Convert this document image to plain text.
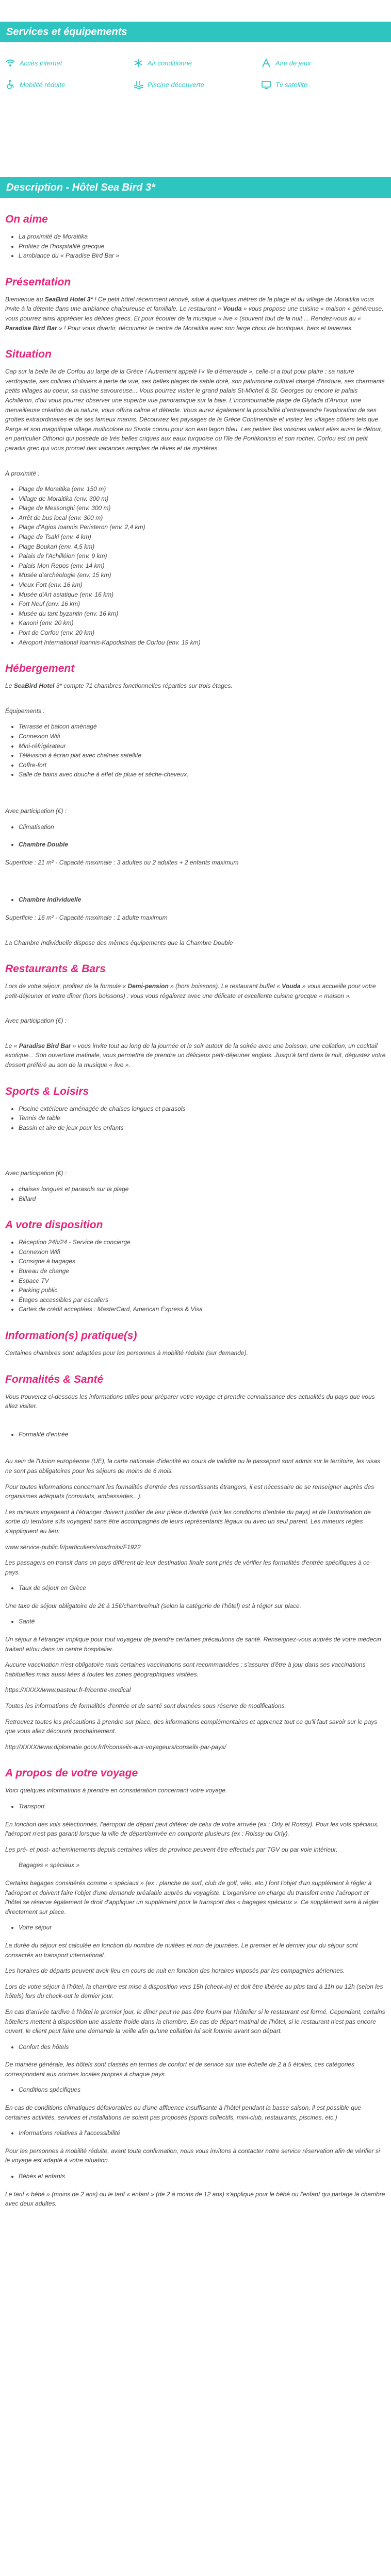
Services et équipements
Accès internet	Air conditionné	Aire de jeux
Mobilité réduite	Piscine découverte	Tv satellite
Description - Hôtel Sea Bird 3*
On aime
• La proximité de Moraitika
• Profitez de l'hospitalité grecque
• L'ambiance du « Paradise Bird Bar »
Présentation

Bienvenue au SeaBird Hotel 3* ! Ce petit hôtel récemment rénové, situé à quelques mètres de la plage et du village de Moraitika vous invite à la détente dans une ambiance chaleureuse et familiale. Le restaurant « Vouda » vous propose une cuisine « maison » généreuse, vous pourrez ainsi apprécier les délices grecs. Et pour écouter de la musique « live » (souvent tout de la nuit ... Rendez-vous au « Paradise Bird Bar » ! Pour vous divertir, découvrez le centre de Moraitika avec son large choix de boutiques, bars et tavernes.

Situation

Cap sur la belle île de Corfou au large de la Grèce ! Autrement appelé l'« île d'émeraude », celle-ci a tout pour plaire : sa nature verdoyante, ses collines d'oliviers à perte de vue, ses belles plages de sable doré, son patrimoine culturel chargé d'histoire, ses charmants petits villages au coeur, sa cuisine savoureuse... Vous pourrez visiter le grand palais St-Michel & St. Georges ou encore le palais Achilléion, d'où vous pourrez observer une superbe vue panoramique sur la baie. L'incontournable plage de Glyfada d'Arvour, une merveilleuse création de la nature, vous offrira calme et détente. Vous aurez également la possibilité d'entreprendre l'exploration de ses grottes extraordinaires et de ses fameux marins. Découvrez les paysages de la Grèce Continentale et visitez les villages côtiers tels que Parga et son magnifique village multicolore ou Sivota connu pour son eau lagon bleu. Les petites îles voisines valent elles aussi le détour, en particulier Othonoi qui possède de très belles criques aux eaux turquoise ou l'île de Pontikonissi et son rocher. Corfou est un petit paradis grec qui vous promet des vacances remplies de rêves et de mystères.

À proximité :

• Plage de Moraitika (env. 150 m)
• Village de Moraitika (env. 300 m)
• Plage de Messonghi (env. 300 m)
• Arrêt de bus local (env. 300 m)
• Plage d'Agios Ioannis Peristeron (env. 2,4 km)
• Plage de Tsaki (env. 4 km)
• Plage Boukari (env. 4,5 km)
• Palais de l'Achilléion (env. 9 km)
• Palais Mon Repos (env. 14 km)
• Musée d'archéologie (env. 15 km)
• Vieux Fort (env. 16 km)
• Musée d'Art asiatique (env. 16 km)
• Fort Neuf (env. 16 km)
• Musée du tant byzantin (env. 16 km)
• Kanoni (env. 20 km)
• Port de Corfou (env. 20 km)
• Aéroport International Ioannis-Kapodistrias de Corfou (env. 19 km)
Hébergement

Le SeaBird Hotel 3* compte 71 chambres fonctionnelles réparties sur trois étages.

Équipements :

• Terrasse et balcon aménagé
• Connexion Wifi
• Mini-réfrigérateur
• Télévision à écran plat avec chaînes satellite
• Coffre-fort
• Salle de bains avec douche à effet de pluie et sèche-cheveux.

Avec participation (€) :

• Climatisation
• Chambre Double

Superficie : 21 m² - Capacité maximale : 3 adultes ou 2 adultes + 2 enfants maximum

• Chambre Individuelle

Superficie : 16 m² - Capacité maximale : 1 adulte maximum

La Chambre Individuelle dispose des mêmes équipements que la Chambre Double

Restaurants & Bars

Lors de votre séjour, profitez de la formule « Demi-pension » (hors boissons). Le restaurant buffet « Vouda » vous accueille pour votre petit-déjeuner et votre dîner (hors boissons) : vous vous régalerez avec une délicate et excellente cuisine grecque « maison ».

Avec participation (€) :

Le « Paradise Bird Bar » vous invite tout au long de la journée et le soir autour de la soirée avec une boisson, une collation, un cocktail exotique... Son ouverture matinale, vous permettra de prendre un délicieux petit-déjeuner anglais. Jusqu'à tard dans la nuit, dégustez votre dessert préféré au son de la musique « live ».

Sports & Loisirs
• Piscine extérieure aménagée de chaises longues et parasols
• Tennis de table
• Bassin et aire de jeux pour les enfants

Avec participation (€) :

• chaises longues et parasols sur la plage
• Billard
A votre disposition
• Réception 24h/24 - Service de concierge
• Connexion Wifi
• Consigne à bagages
• Bureau de change
• Espace TV
• Parking public
• Étages accessibles par escaliers
• Cartes de crédit acceptées : MasterCard, American Express & Visa
Information(s) pratique(s)

Certaines chambres sont adaptées pour les personnes à mobilité réduite (sur demande).

Formalités & Santé

Vous trouverez ci-dessous les informations utiles pour préparer votre voyage et prendre connaissance des actualités du pays que vous allez visiter.

• Formalité d'entrée

Au sein de l'Union européenne (UE), la carte nationale d'identité en cours de validité ou le passeport sont admis sur le territoire, les visas ne sont pas obligatoires pour les séjours de moins de 6 mois.

Pour toutes informations concernant les formalités d'entrée des ressortissants étrangers, il est nécessaire de se renseigner auprès des organismes adéquats (consulats, ambassades...).

Les mineurs voyageant à l'étranger doivent justifier de leur pièce d'identité (voir les conditions d'entrée du pays) et de l'autorisation de sortie du territoire s'ils voyagent sans être accompagnés de leurs représentants légaux ou avec un seul parent. Les mineurs règles s'appliquent au lieu.

www.service-public.fr/particuliers/vosdroits/F1922

Les passagers en transit dans un pays différent de leur destination finale sont priés de vérifier les formalités d'entrée spécifiques à ce pays.

• Taux de séjour en Grèce

Une taxe de séjour obligatoire de 2€ à 15€/chambre/nuit (selon la catégorie de l'hôtel) est à régler sur place.

• Santé

Un séjour à l'étranger implique pour tout voyageur de prendre certaines précautions de santé. Renseignez-vous auprès de votre médecin traitant et/ou dans un centre hospitalier.

Aucune vaccination n'est obligatoire mais certaines vaccinations sont recommandées ; s'assurer d'être à jour dans ses vaccinations habituelles mais aussi liées à toutes les zones géographiques visitées.

https://XXXX/www.pasteur.fr-fr/centre-medical

Toutes les informations de formalités d'entrée et de santé sont données sous réserve de modifications.

Retrouvez toutes les précautions à prendre sur place, des informations complémentaires et apprenez tout ce qu'il faut savoir sur le pays que vous allez découvrir prochainement.

http://XXXX/www.diplomatie.gouv.fr/fr/conseils-aux-voyageurs/conseils-par-pays/

A propos de votre voyage

Voici quelques informations à prendre en considération concernant votre voyage.

• Transport

En fonction des vols sélectionnés, l'aéroport de départ peut différer de celui de votre arrivée (ex : Orly et Roissy). Pour les vols spéciaux, l'aéroport n'est pas garanti lorsque la ville de départ/arrivée en comporte plusieurs (ex : Roissy ou Orly).

Les pré- et post- acheminements depuis certaines villes de province peuvent être effectués par TGV ou par voie intérieur.

Bagages « spéciaux »

Certains bagages considérés comme « spéciaux » (ex : planche de surf, club de golf, vélo, etc.) font l'objet d'un supplément à régler à l'aéroport et doivent faire l'objet d'une demande préalable auprès du voyagiste. L'organisme en charge du transfert entre l'aéroport et l'hôtel se réserve également le droit d'appliquer un supplément pour le transport des « bagages spéciaux ». Ce supplément sera à régler directement sur place.

• Votre séjour

La durée du séjour est calculée en fonction du nombre de nuitées et non de journées. Le premier et le dernier jour du séjour sont consacrés au transport international.

Les horaires de départs peuvent avoir lieu en cours de nuit en fonction des horaires imposés par les compagnies aériennes.

Lors de votre séjour à l'hôtel, la chambre est mise à disposition vers 15h (check-in) et doit être libérée au plus tard à 11h ou 12h (selon les hôtels) lors du check-out le dernier jour.

En cas d'arrivée tardive à l'hôtel le premier jour, le dîner peut ne pas être fourni par l'hôtelier si le restaurant est fermé. Cependant, certains hôteliers mettent à disposition une assiette froide dans la chambre. En cas de départ matinal de l'hôtel, si le restaurant n'est pas encore ouvert, le client peut faire une demande la veille afin qu'une collation lui soit fournie avant son départ.

• Confort des hôtels

De manière générale, les hôtels sont classés en termes de confort et de service sur une échelle de 2 à 5 étoiles, ces catégories correspondent aux normes locales propres à chaque pays.

• Conditions spécifiques

En cas de conditions climatiques défavorables ou d'une affluence insuffisante à l'hôtel pendant la basse saison, il est possible que certaines activités, services et installations ne soient pas proposés (sports collectifs, mini-club, restaurants, piscines, etc.)

• Informations relatives à l'accessibilité

Pour les personnes à mobilité réduite, avant toute confirmation, nous vous invitons à contacter notre service réservation afin de vérifier si le voyage est adapté à votre situation.

• Bébés et enfants

Le tarif « bébé » (moins de 2 ans) ou le tarif « enfant » (de 2 à moins de 12 ans) s'applique pour le bébé ou l'enfant qui partage la chambre avec deux adultes.
